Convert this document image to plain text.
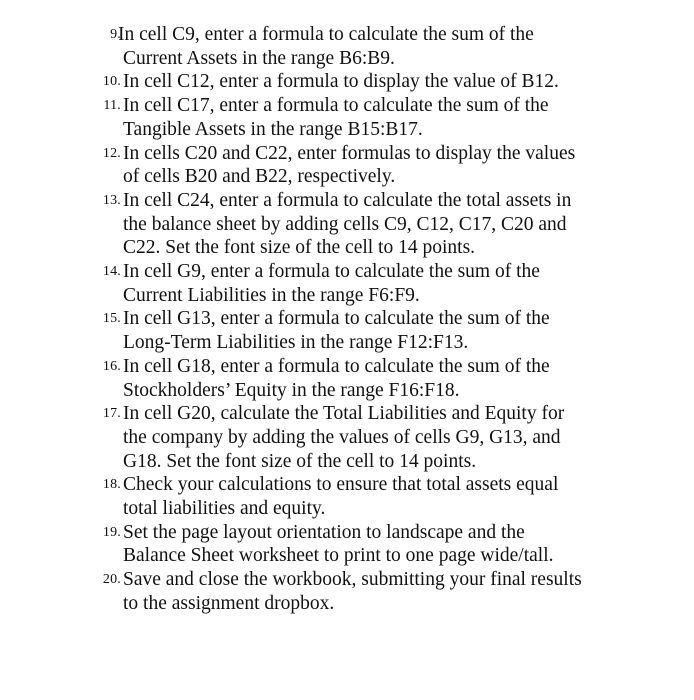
9.
In cell C9, enter a formula to calculate the sum of the
Current Assets in the range B6:B9.
10. In cell C12, enter a formula to display the value of B12.
11. In cell C17, enter a formula to calculate the sum of the
Tangible Assets in the range B15:B17.
12. In cells C20 and C22, enter formulas to display the values
of cells B20 and B22, respectively.
13. In cell C24, enter a formula to calculate the total assets in
the balance sheet by adding cells C9, C12, C17, C20 and
C22. Set the font size of the cell to 14 points.
14. In cell G9, enter a formula to calculate the sum of the
Current Liabilities in the range F6:F9.
15. In cell G13, enter a formula to calculate the sum of the
Long-Term Liabilities in the range F12:F13.
16. In cell G18, enter a formula to calculate the sum of the
Stockholders’ Equity in the range F16:F18.
17. In cell G20, calculate the Total Liabilities and Equity for
the company by adding the values of cells G9, G13, and
G18. Set the font size of the cell to 14 points.
18. Check your calculations to ensure that total assets equal
total liabilities and equity.
19. Set the page layout orientation to landscape and the
Balance Sheet worksheet to print to one page wide/tall.
20. Save and close the workbook, submitting your final results
to the assignment dropbox.
